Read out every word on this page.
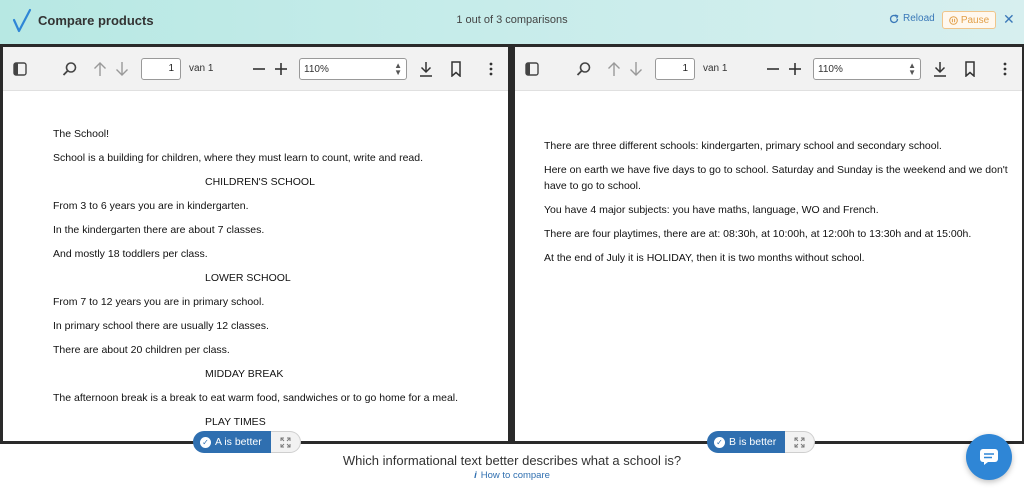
Compare products	1 out of 3 comparisons	Reload	Pause ✕
1	van 1	110%	▲
▼

The School!

School is a building for children, where they must learn to count, write and read.

CHILDREN'S SCHOOL

From 3 to 6 years you are in kindergarten.

In the kindergarten there are about 7 classes.

And mostly 18 toddlers per class.

LOWER SCHOOL

From 7 to 12 years you are in primary school.

In primary school there are usually 12 classes.

There are about 20 children per class.

MIDDAY BREAK

The afternoon break is a break to eat warm food, sandwiches or to go home for a meal.

PLAY TIMES

1	van 1	110%	▲
▼

There are three different schools: kindergarten, primary school and secondary school.

Here on earth we have five days to go to school. Saturday and Sunday is the weekend and we don't have to go to school.

You have 4 major subjects: you have maths, language, WO and French.

There are four playtimes, there are at: 08:30h, at 10:00h, at 12:00h to 13:30h and at 15:00h.

At the end of July it is HOLIDAY, then it is two months without school.

✓ A is better	✓ B is better
Which informational text better describes what a school is?
i How to compare
